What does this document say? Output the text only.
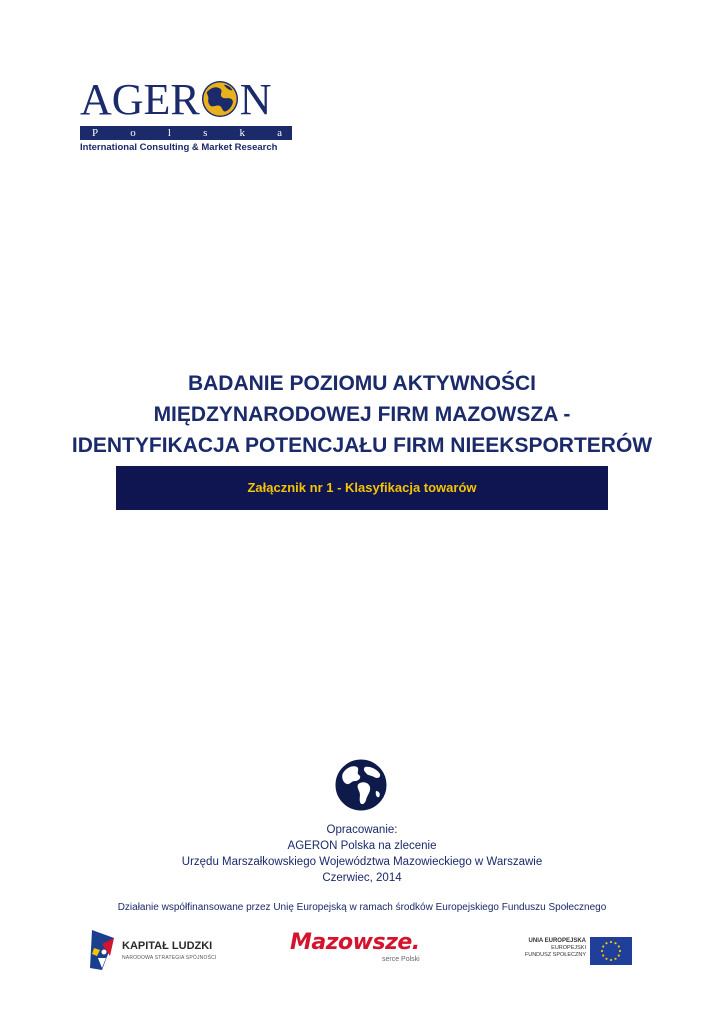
AGER N
P	o	l	s	k	a
International Consulting & Market Research
BADANIE POZIOMU AKTYWNOŚCI
MIĘDZYNARODOWEJ FIRM MAZOWSZA -
IDENTYFIKACJA POTENCJAŁU FIRM NIEEKSPORTERÓW
Załącznik nr 1 - Klasyfikacja towarów
Opracowanie:
AGERON Polska na zlecenie
Urzędu Marszałkowskiego Województwa Mazowieckiego w Warszawie
Czerwiec, 2014
Działanie współfinansowane przez Unię Europejską w ramach środków Europejskiego Funduszu Społecznego
KAPITAŁ LUDZKI
NARODOWA STRATEGIA SPÓJNOŚCI
Mazowsze.
serce Polski
UNIA EUROPEJSKA
EUROPEJSKI
FUNDUSZ SPOŁECZNY
